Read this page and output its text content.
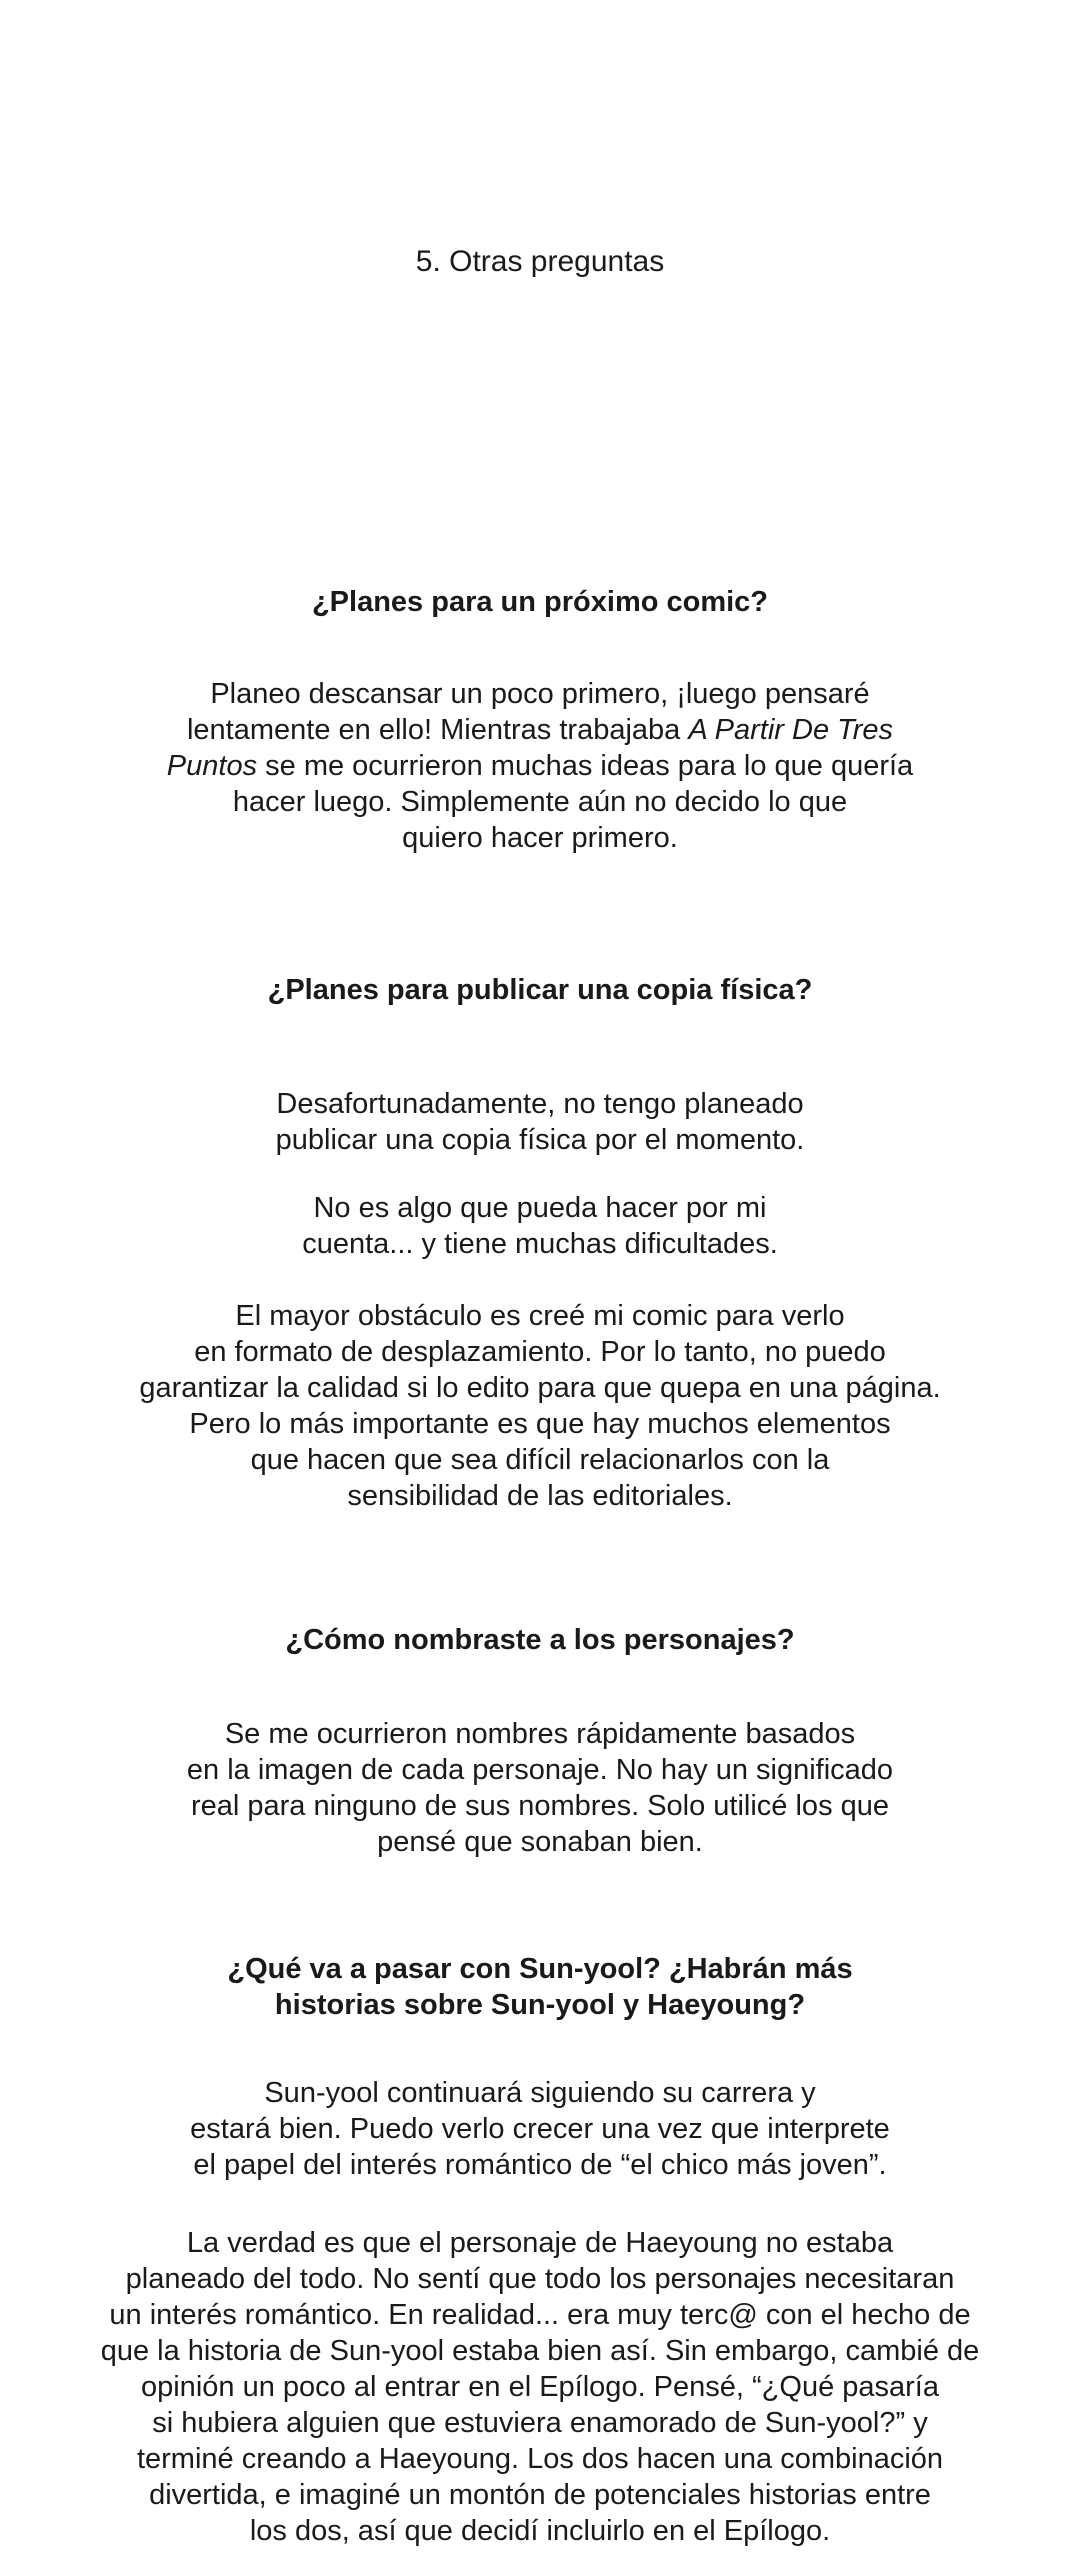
5. Otras preguntas
¿Planes para un próximo comic?
Planeo descansar un poco primero, ¡luego pensaré
lentamente en ello! Mientras trabajaba A Partir De Tres
Puntos se me ocurrieron muchas ideas para lo que quería
hacer luego. Simplemente aún no decido lo que
quiero hacer primero.
¿Planes para publicar una copia física?
Desafortunadamente, no tengo planeado
publicar una copia física por el momento.
No es algo que pueda hacer por mi
cuenta... y tiene muchas dificultades.
El mayor obstáculo es creé mi comic para verlo
en formato de desplazamiento. Por lo tanto, no puedo
garantizar la calidad si lo edito para que quepa en una página.
Pero lo más importante es que hay muchos elementos
que hacen que sea difícil relacionarlos con la
sensibilidad de las editoriales.
¿Cómo nombraste a los personajes?
Se me ocurrieron nombres rápidamente basados
en la imagen de cada personaje. No hay un significado
real para ninguno de sus nombres. Solo utilicé los que
pensé que sonaban bien.
¿Qué va a pasar con Sun-yool? ¿Habrán más
historias sobre Sun-yool y Haeyoung?
Sun-yool continuará siguiendo su carrera y
estará bien. Puedo verlo crecer una vez que interprete
el papel del interés romántico de “el chico más joven”.
La verdad es que el personaje de Haeyoung no estaba
planeado del todo. No sentí que todo los personajes necesitaran
un interés romántico. En realidad... era muy terc@ con el hecho de
que la historia de Sun-yool estaba bien así. Sin embargo, cambié de
opinión un poco al entrar en el Epílogo. Pensé, “¿Qué pasaría
si hubiera alguien que estuviera enamorado de Sun-yool?” y
terminé creando a Haeyoung. Los dos hacen una combinación
divertida, e imaginé un montón de potenciales historias entre
los dos, así que decidí incluirlo en el Epílogo.
